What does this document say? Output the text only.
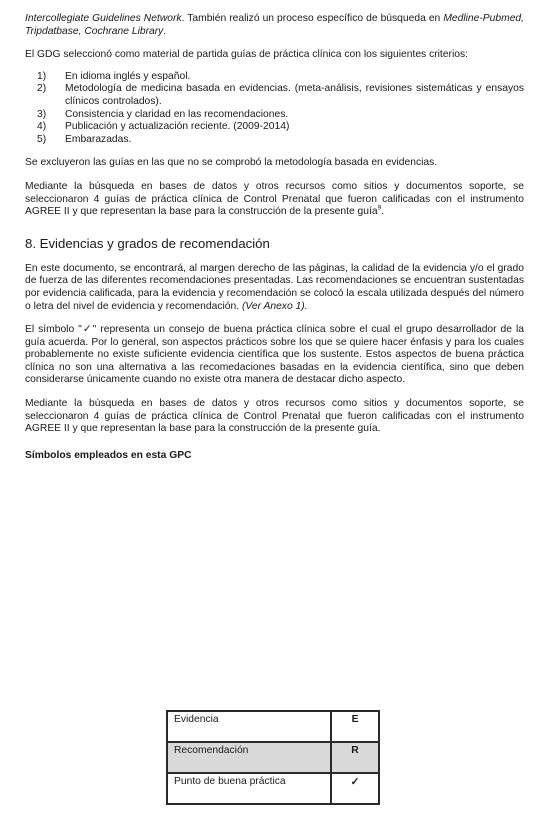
Intercollegiate Guidelines Network. También realizó un proceso específico de búsqueda en Medline-Pubmed, Tripdatbase, Cochrane Library.

El GDG seleccionó como material de partida guías de práctica clínica con los siguientes criterios:

1) En idioma inglés y español.
2) Metodología de medicina basada en evidencias. (meta-análisis, revisiones sistemáticas y ensayos clínicos controlados).
3) Consistencia y claridad en las recomendaciones.
4) Publicación y actualización reciente. (2009-2014)
5) Embarazadas.

Se excluyeron las guías en las que no se comprobó la metodología basada en evidencias.

Mediante la búsqueda en bases de datos y otros recursos como sitios y documentos soporte, se seleccionaron 4 guías de práctica clínica de Control Prenatal que fueron calificadas con el instrumento AGREE II y que representan la base para la construcción de la presente guía$^9$.

8. Evidencias y grados de recomendación

En este documento, se encontrará, al margen derecho de las páginas, la calidad de la evidencia y/o el grado de fuerza de las diferentes recomendaciones presentadas. Las recomendaciones se encuentran sustentadas por evidencia calificada, para la evidencia y recomendación se colocó la escala utilizada después del número o letra del nivel de evidencia y recomendación. (Ver Anexo 1).

El símbolo "✓" representa un consejo de buena práctica clínica sobre el cual el grupo desarrollador de la guía acuerda. Por lo general, son aspectos prácticos sobre los que se quiere hacer énfasis y para los cuales probablemente no existe suficiente evidencia científica que los sustente. Estos aspectos de buena práctica clínica no son una alternativa a las recomedaciones basadas en la evidencia científica, sino que deben considerarse únicamente cuando no existe otra manera de destacar dicho aspecto.

Mediante la búsqueda en bases de datos y otros recursos como sitios y documentos soporte, se seleccionaron 4 guías de práctica clínica de Control Prenatal que fueron calificadas con el instrumento AGREE II y que representan la base para la construcción de la presente guía.

Símbolos empleados en esta GPC
Evidencia	E
Recomendación	R
Punto de buena práctica	✓
